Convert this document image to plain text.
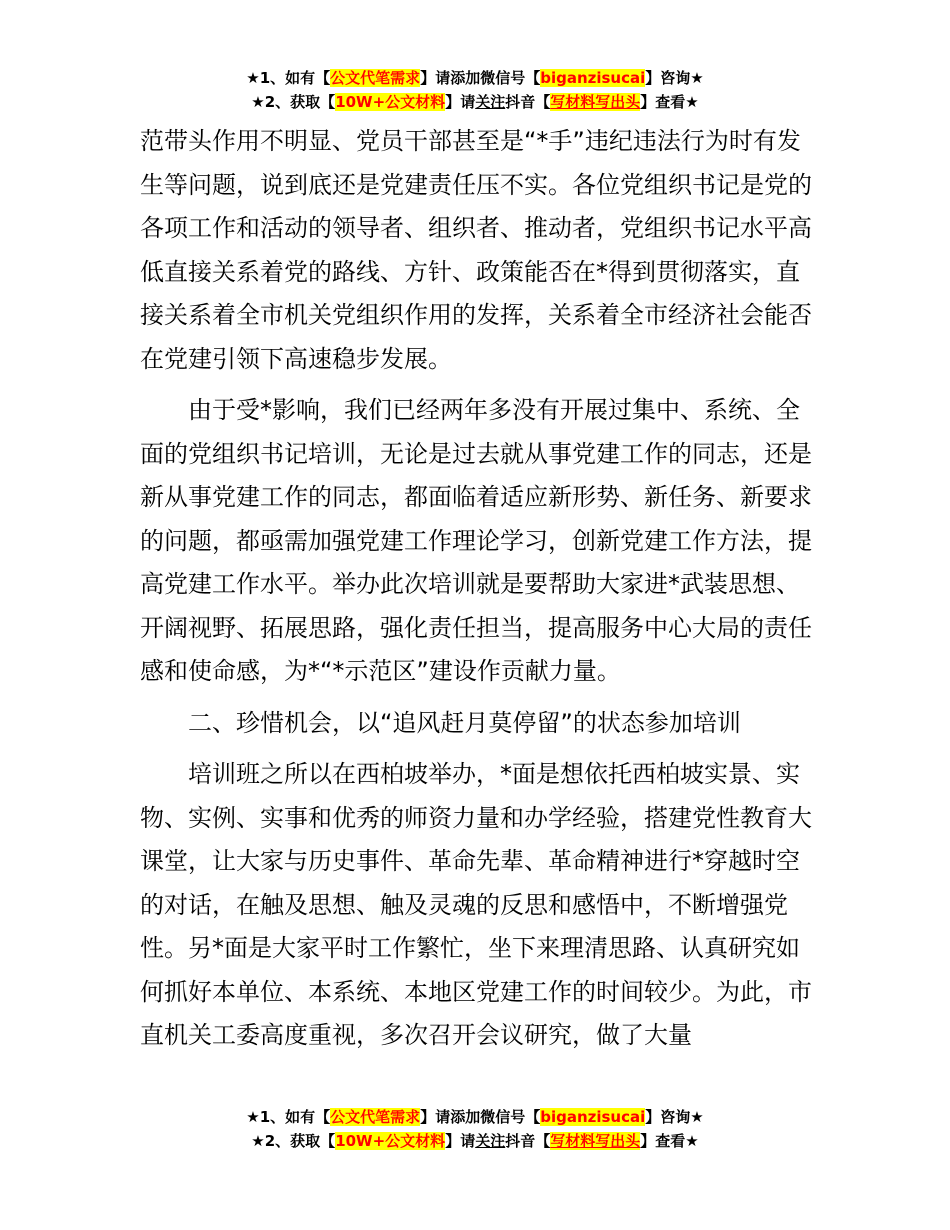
★1、如有【公文代笔需求】请添加微信号【biganzisucai】咨询★
★2、获取【10W+公文材料】请关注抖音【写材料写出头】查看★

范带头作用不明显、党员干部甚至是“*手”违纪违法行为时有发生等问题，说到底还是党建责任压不实。各位党组织书记是党的各项工作和活动的领导者、组织者、推动者，党组织书记水平高低直接关系着党的路线、方针、政策能否在*得到贯彻落实，直接关系着全市机关党组织作用的发挥，关系着全市经济社会能否在党建引领下高速稳步发展。

由于受*影响，我们已经两年多没有开展过集中、系统、全面的党组织书记培训，无论是过去就从事党建工作的同志，还是新从事党建工作的同志，都面临着适应新形势、新任务、新要求的问题，都亟需加强党建工作理论学习，创新党建工作方法，提高党建工作水平。举办此次培训就是要帮助大家进*武装思想、开阔视野、拓展思路，强化责任担当，提高服务中心大局的责任感和使命感，为*“*示范区”建设作贡献力量。

二、珍惜机会，以“追风赶月莫停留”的状态参加培训

培训班之所以在西柏坡举办，*面是想依托西柏坡实景、实物、实例、实事和优秀的师资力量和办学经验，搭建党性教育大课堂，让大家与历史事件、革命先辈、革命精神进行*穿越时空的对话，在触及思想、触及灵魂的反思和感悟中，不断增强党性。另*面是大家平时工作繁忙，坐下来理清思路、认真研究如何抓好本单位、本系统、本地区党建工作的时间较少。为此，市直机关工委高度重视，多次召开会议研究，做了大量

★1、如有【公文代笔需求】请添加微信号【biganzisucai】咨询★
★2、获取【10W+公文材料】请关注抖音【写材料写出头】查看★
